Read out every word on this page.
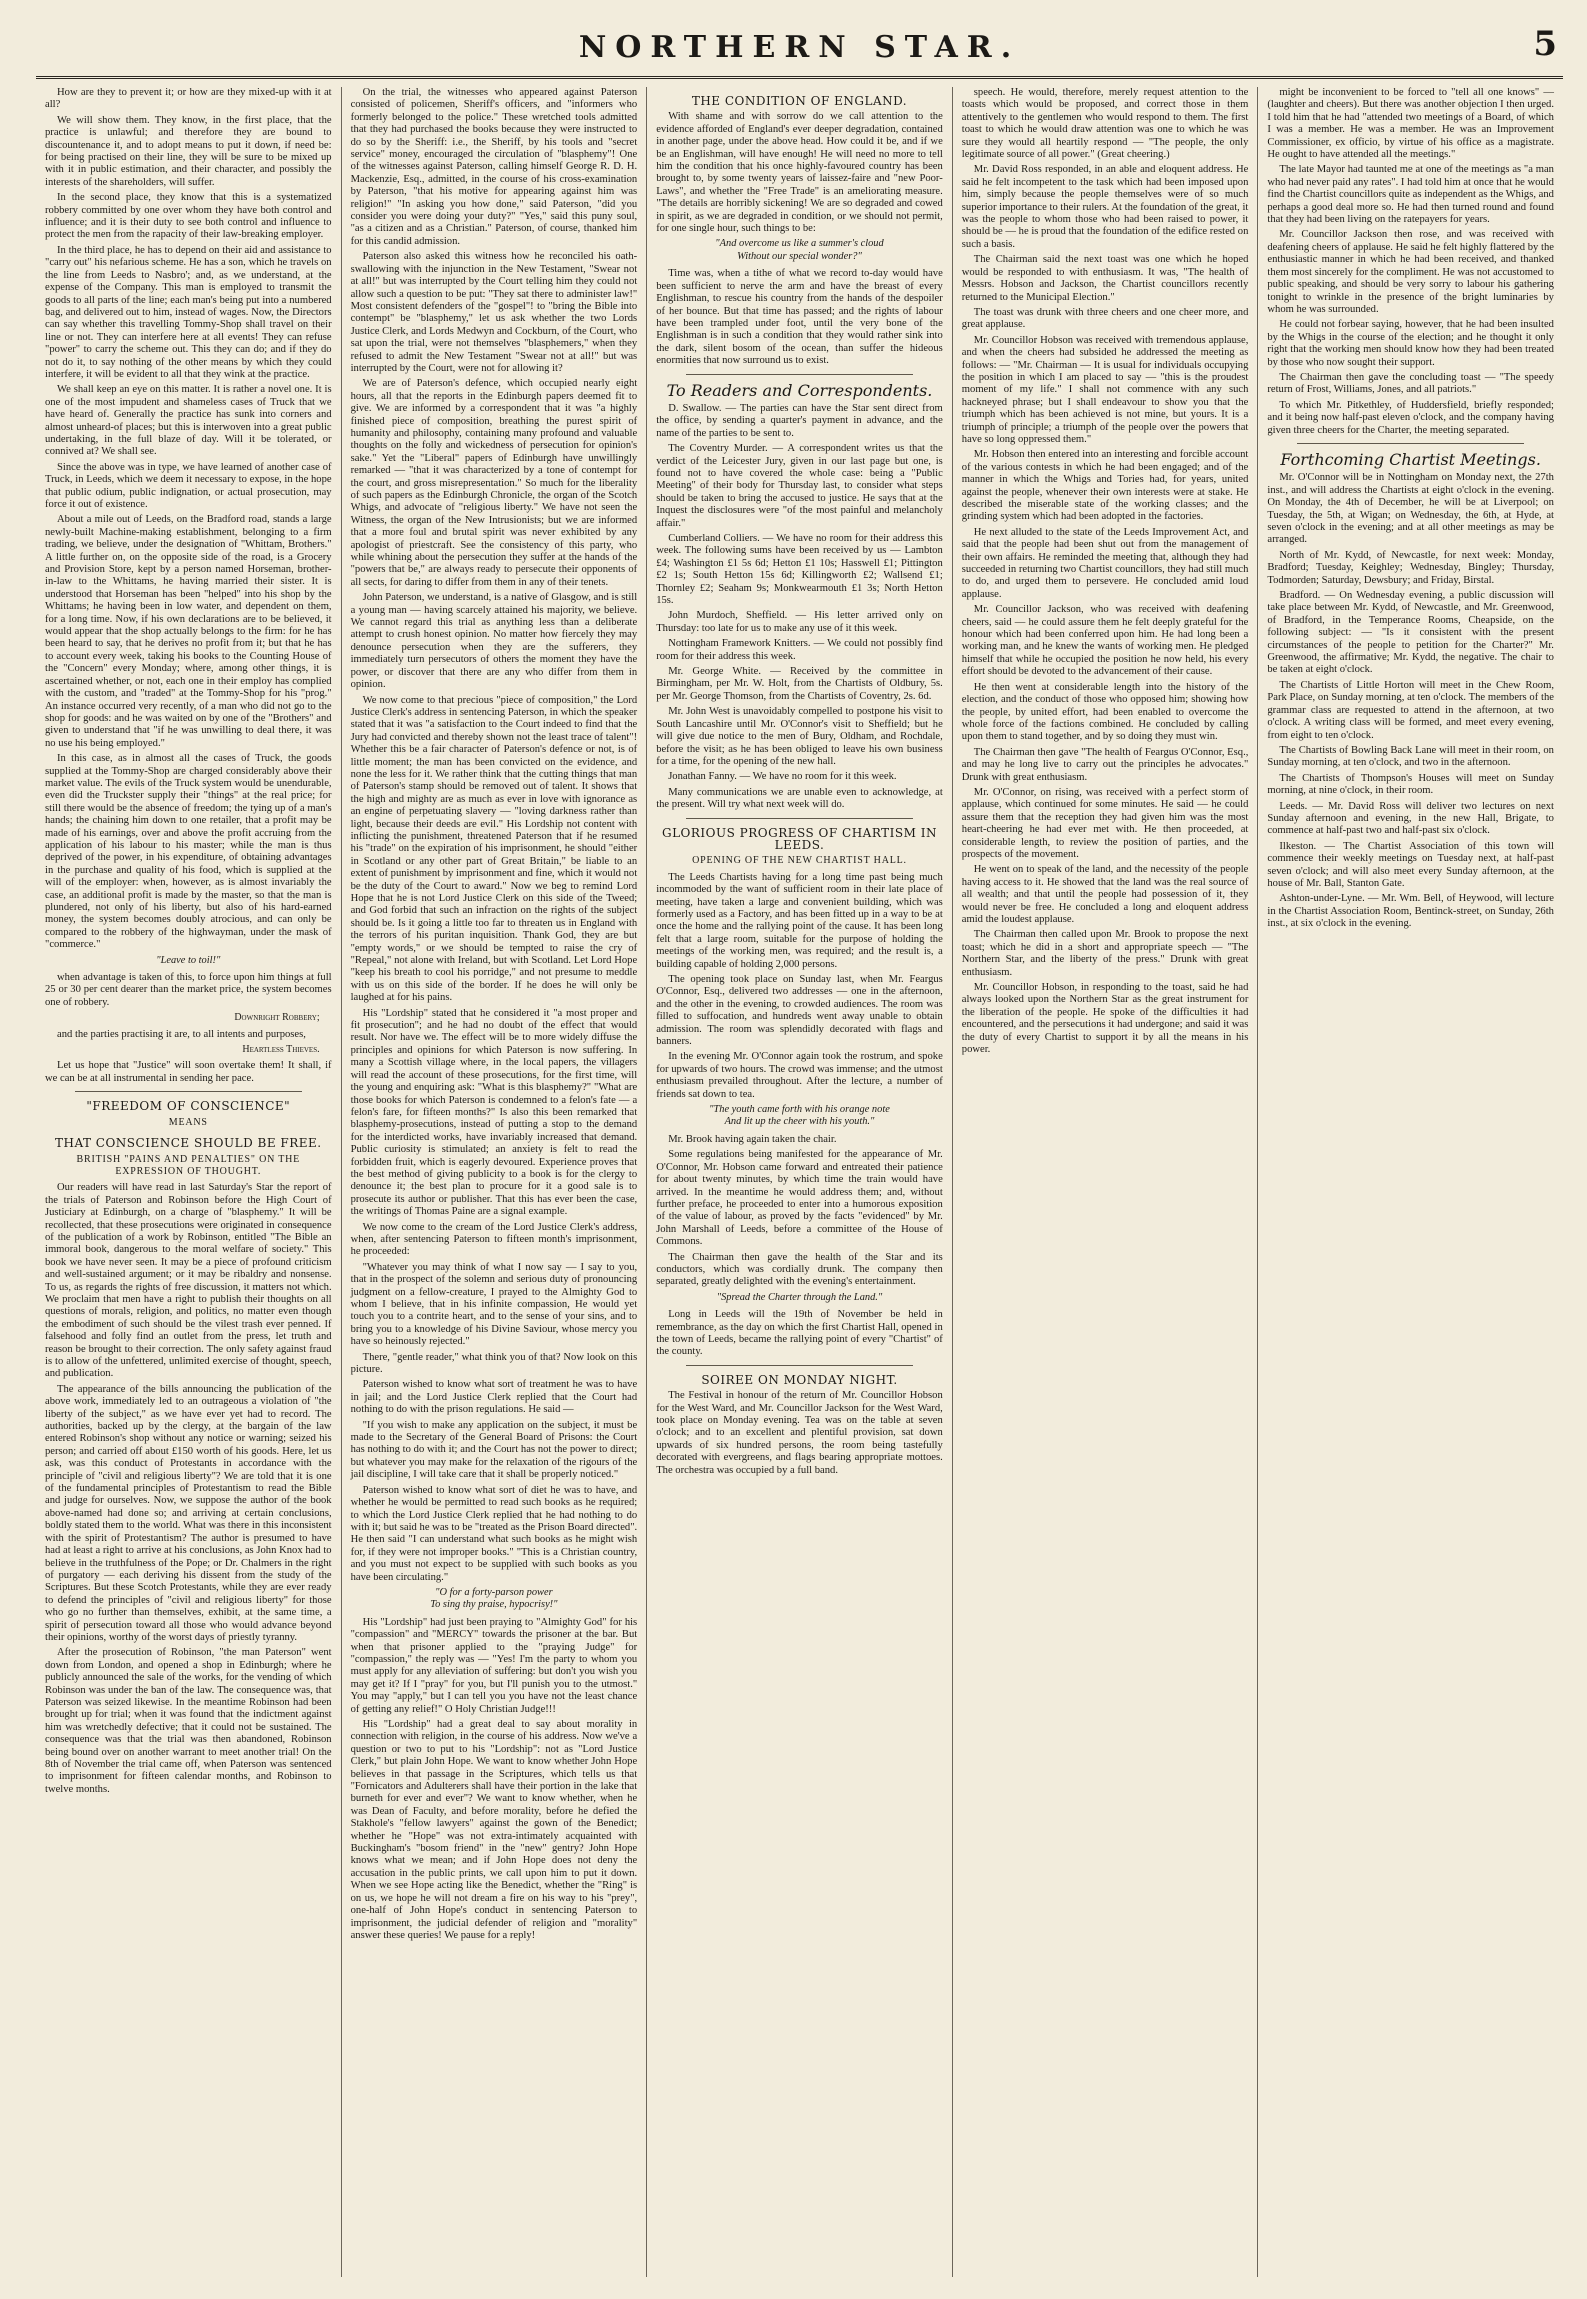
NORTHERN STAR.	5

How are they to prevent it; or how are they mixed-up with it at all?

We will show them. They know, in the first place, that the practice is unlawful; and therefore they are bound to discountenance it, and to adopt means to put it down, if need be: for being practised on their line, they will be sure to be mixed up with it in public estimation, and their character, and possibly the interests of the shareholders, will suffer.

In the second place, they know that this is a systematized robbery committed by one over whom they have both control and influence; and it is their duty to see both control and influence to protect the men from the rapacity of their law-breaking employer.

In the third place, he has to depend on their aid and assistance to "carry out" his nefarious scheme. He has a son, which he travels on the line from Leeds to Nasbro'; and, as we understand, at the expense of the Company. This man is employed to transmit the goods to all parts of the line; each man's being put into a numbered bag, and delivered out to him, instead of wages. Now, the Directors can say whether this travelling Tommy-Shop shall travel on their line or not. They can interfere here at all events! They can refuse "power" to carry the scheme out. This they can do; and if they do not do it, to say nothing of the other means by which they could interfere, it will be evident to all that they wink at the practice.

We shall keep an eye on this matter. It is rather a novel one. It is one of the most impudent and shameless cases of Truck that we have heard of. Generally the practice has sunk into corners and almost unheard-of places; but this is interwoven into a great public undertaking, in the full blaze of day. Will it be tolerated, or connived at? We shall see.

Since the above was in type, we have learned of another case of Truck, in Leeds, which we deem it necessary to expose, in the hope that public odium, public indignation, or actual prosecution, may force it out of existence.

About a mile out of Leeds, on the Bradford road, stands a large newly-built Machine-making establishment, belonging to a firm trading, we believe, under the designation of "Whittam, Brothers." A little further on, on the opposite side of the road, is a Grocery and Provision Store, kept by a person named Horseman, brother-in-law to the Whittams, he having married their sister. It is understood that Horseman has been "helped" into his shop by the Whittams; he having been in low water, and dependent on them, for a long time. Now, if his own declarations are to be believed, it would appear that the shop actually belongs to the firm: for he has been heard to say, that he derives no profit from it; but that he has to account every week, taking his books to the Counting House of the "Concern" every Monday; where, among other things, it is ascertained whether, or not, each one in their employ has complied with the custom, and "traded" at the Tommy-Shop for his "prog." An instance occurred very recently, of a man who did not go to the shop for goods: and he was waited on by one of the "Brothers" and given to understand that "if he was unwilling to deal there, it was no use his being employed."

In this case, as in almost all the cases of Truck, the goods supplied at the Tommy-Shop are charged considerably above their market value. The evils of the Truck system would be unendurable, even did the Truckster supply their "things" at the real price; for still there would be the absence of freedom; the tying up of a man's hands; the chaining him down to one retailer, that a profit may be made of his earnings, over and above the profit accruing from the application of his labour to his master; while the man is thus deprived of the power, in his expenditure, of obtaining advantages in the purchase and quality of his food, which is supplied at the will of the employer: when, however, as is almost invariably the case, an additional profit is made by the master, so that the man is plundered, not only of his liberty, but also of his hard-earned money, the system becomes doubly atrocious, and can only be compared to the robbery of the highwayman, under the mask of "commerce."

"Leave to toil!"

when advantage is taken of this, to force upon him things at full 25 or 30 per cent dearer than the market price, the system becomes one of robbery.

Downright Robbery;

and the parties practising it are, to all intents and purposes,

Heartless Thieves.

Let us hope that "Justice" will soon overtake them! It shall, if we can be at all instrumental in sending her pace.

"FREEDOM OF CONSCIENCE"
MEANS
THAT CONSCIENCE SHOULD BE FREE.
BRITISH "PAINS AND PENALTIES" ON THE EXPRESSION OF THOUGHT.

Our readers will have read in last Saturday's Star the report of the trials of Paterson and Robinson before the High Court of Justiciary at Edinburgh, on a charge of "blasphemy." It will be recollected, that these prosecutions were originated in consequence of the publication of a work by Robinson, entitled "The Bible an immoral book, dangerous to the moral welfare of society." This book we have never seen. It may be a piece of profound criticism and well-sustained argument; or it may be ribaldry and nonsense. To us, as regards the rights of free discussion, it matters not which. We proclaim that men have a right to publish their thoughts on all questions of morals, religion, and politics, no matter even though the embodiment of such should be the vilest trash ever penned. If falsehood and folly find an outlet from the press, let truth and reason be brought to their correction. The only safety against fraud is to allow of the unfettered, unlimited exercise of thought, speech, and publication.

The appearance of the bills announcing the publication of the above work, immediately led to an outrageous a violation of "the liberty of the subject," as we have ever yet had to record. The authorities, backed up by the clergy, at the bargain of the law entered Robinson's shop without any notice or warning; seized his person; and carried off about £150 worth of his goods. Here, let us ask, was this conduct of Protestants in accordance with the principle of "civil and religious liberty"? We are told that it is one of the fundamental principles of Protestantism to read the Bible and judge for ourselves. Now, we suppose the author of the book above-named had done so; and arriving at certain conclusions, boldly stated them to the world. What was there in this inconsistent with the spirit of Protestantism? The author is presumed to have had at least a right to arrive at his conclusions, as John Knox had to believe in the truthfulness of the Pope; or Dr. Chalmers in the right of purgatory — each deriving his dissent from the study of the Scriptures. But these Scotch Protestants, while they are ever ready to defend the principles of "civil and religious liberty" for those who go no further than themselves, exhibit, at the same time, a spirit of persecution toward all those who would advance beyond their opinions, worthy of the worst days of priestly tyranny.

After the prosecution of Robinson, "the man Paterson" went down from London, and opened a shop in Edinburgh; where he publicly announced the sale of the works, for the vending of which Robinson was under the ban of the law. The consequence was, that Paterson was seized likewise. In the meantime Robinson had been brought up for trial; when it was found that the indictment against him was wretchedly defective; that it could not be sustained. The consequence was that the trial was then abandoned, Robinson being bound over on another warrant to meet another trial! On the 8th of November the trial came off, when Paterson was sentenced to imprisonment for fifteen calendar months, and Robinson to twelve months.

On the trial, the witnesses who appeared against Paterson consisted of policemen, Sheriff's officers, and "informers who formerly belonged to the police." These wretched tools admitted that they had purchased the books because they were instructed to do so by the Sheriff: i.e., the Sheriff, by his tools and "secret service" money, encouraged the circulation of "blasphemy"! One of the witnesses against Paterson, calling himself George R. D. H. Mackenzie, Esq., admitted, in the course of his cross-examination by Paterson, "that his motive for appearing against him was religion!" "In asking you how done," said Paterson, "did you consider you were doing your duty?" "Yes," said this puny soul, "as a citizen and as a Christian." Paterson, of course, thanked him for this candid admission.

Paterson also asked this witness how he reconciled his oath-swallowing with the injunction in the New Testament, "Swear not at all!" but was interrupted by the Court telling him they could not allow such a question to be put: "They sat there to administer law!" Most consistent defenders of the "gospel"! to "bring the Bible into contempt" be "blasphemy," let us ask whether the two Lords Justice Clerk, and Lords Medwyn and Cockburn, of the Court, who sat upon the trial, were not themselves "blasphemers," when they refused to admit the New Testament "Swear not at all!" but was interrupted by the Court, were not for allowing it?

We are of Paterson's defence, which occupied nearly eight hours, all that the reports in the Edinburgh papers deemed fit to give. We are informed by a correspondent that it was "a highly finished piece of composition, breathing the purest spirit of humanity and philosophy, containing many profound and valuable thoughts on the folly and wickedness of persecution for opinion's sake." Yet the "Liberal" papers of Edinburgh have unwillingly remarked — "that it was characterized by a tone of contempt for the court, and gross misrepresentation." So much for the liberality of such papers as the Edinburgh Chronicle, the organ of the Scotch Whigs, and advocate of "religious liberty." We have not seen the Witness, the organ of the New Intrusionists; but we are informed that a more foul and brutal spirit was never exhibited by any apologist of priestcraft. See the consistency of this party, who while whining about the persecution they suffer at the hands of the "powers that be," are always ready to persecute their opponents of all sects, for daring to differ from them in any of their tenets.

John Paterson, we understand, is a native of Glasgow, and is still a young man — having scarcely attained his majority, we believe. We cannot regard this trial as anything less than a deliberate attempt to crush honest opinion. No matter how fiercely they may denounce persecution when they are the sufferers, they immediately turn persecutors of others the moment they have the power, or discover that there are any who differ from them in opinion.

We now come to that precious "piece of composition," the Lord Justice Clerk's address in sentencing Paterson, in which the speaker stated that it was "a satisfaction to the Court indeed to find that the Jury had convicted and thereby shown not the least trace of talent"! Whether this be a fair character of Paterson's defence or not, is of little moment; the man has been convicted on the evidence, and none the less for it. We rather think that the cutting things that man of Paterson's stamp should be removed out of talent. It shows that the high and mighty are as much as ever in love with ignorance as an engine of perpetuating slavery — "loving darkness rather than light, because their deeds are evil." His Lordship not content with inflicting the punishment, threatened Paterson that if he resumed his "trade" on the expiration of his imprisonment, he should "either in Scotland or any other part of Great Britain," be liable to an extent of punishment by imprisonment and fine, which it would not be the duty of the Court to award." Now we beg to remind Lord Hope that he is not Lord Justice Clerk on this side of the Tweed; and God forbid that such an infraction on the rights of the subject should be. Is it going a little too far to threaten us in England with the terrors of his puritan inquisition. Thank God, they are but "empty words," or we should be tempted to raise the cry of "Repeal," not alone with Ireland, but with Scotland. Let Lord Hope "keep his breath to cool his porridge," and not presume to meddle with us on this side of the border. If he does he will only be laughed at for his pains.

His "Lordship" stated that he considered it "a most proper and fit prosecution"; and he had no doubt of the effect that would result. Nor have we. The effect will be to more widely diffuse the principles and opinions for which Paterson is now suffering. In many a Scottish village where, in the local papers, the villagers will read the account of these prosecutions, for the first time, will the young and enquiring ask: "What is this blasphemy?" "What are those books for which Paterson is condemned to a felon's fate — a felon's fare, for fifteen months?" Is also this been remarked that blasphemy-prosecutions, instead of putting a stop to the demand for the interdicted works, have invariably increased that demand. Public curiosity is stimulated; an anxiety is felt to read the forbidden fruit, which is eagerly devoured. Experience proves that the best method of giving publicity to a book is for the clergy to denounce it; the best plan to procure for it a good sale is to prosecute its author or publisher. That this has ever been the case, the writings of Thomas Paine are a signal example.

We now come to the cream of the Lord Justice Clerk's address, when, after sentencing Paterson to fifteen month's imprisonment, he proceeded:

"Whatever you may think of what I now say — I say to you, that in the prospect of the solemn and serious duty of pronouncing judgment on a fellow-creature, I prayed to the Almighty God to whom I believe, that in his infinite compassion, He would yet touch you to a contrite heart, and to the sense of your sins, and to bring you to a knowledge of his Divine Saviour, whose mercy you have so heinously rejected."

There, "gentle reader," what think you of that? Now look on this picture.

Paterson wished to know what sort of treatment he was to have in jail; and the Lord Justice Clerk replied that the Court had nothing to do with the prison regulations. He said —

"If you wish to make any application on the subject, it must be made to the Secretary of the General Board of Prisons: the Court has nothing to do with it; and the Court has not the power to direct; but whatever you may make for the relaxation of the rigours of the jail discipline, I will take care that it shall be properly noticed."

Paterson wished to know what sort of diet he was to have, and whether he would be permitted to read such books as he required; to which the Lord Justice Clerk replied that he had nothing to do with it; but said he was to be "treated as the Prison Board directed". He then said "I can understand what such books as he might wish for, if they were not improper books." "This is a Christian country, and you must not expect to be supplied with such books as you have been circulating."

"O for a forty-parson power
To sing thy praise, hypocrisy!"

His "Lordship" had just been praying to "Almighty God" for his "compassion" and "MERCY" towards the prisoner at the bar. But when that prisoner applied to the "praying Judge" for "compassion," the reply was — "Yes! I'm the party to whom you must apply for any alleviation of suffering: but don't you wish you may get it? If I "pray" for you, but I'll punish you to the utmost." You may "apply," but I can tell you you have not the least chance of getting any relief!" O Holy Christian Judge!!!

His "Lordship" had a great deal to say about morality in connection with religion, in the course of his address. Now we've a question or two to put to his "Lordship": not as "Lord Justice Clerk," but plain John Hope. We want to know whether John Hope believes in that passage in the Scriptures, which tells us that "Fornicators and Adulterers shall have their portion in the lake that burneth for ever and ever"? We want to know whether, when he was Dean of Faculty, and before morality, before he defied the Stakhole's "fellow lawyers" against the gown of the Benedict; whether he "Hope" was not extra-intimately acquainted with Buckingham's "bosom friend" in the "new" gentry? John Hope knows what we mean; and if John Hope does not deny the accusation in the public prints, we call upon him to put it down. When we see Hope acting like the Benedict, whether the "Ring" is on us, we hope he will not dream a fire on his way to his "prey", one-half of John Hope's conduct in sentencing Paterson to imprisonment, the judicial defender of religion and "morality" answer these queries! We pause for a reply!

THE CONDITION OF ENGLAND.

With shame and with sorrow do we call attention to the evidence afforded of England's ever deeper degradation, contained in another page, under the above head. How could it be, and if we be an Englishman, will have enough! He will need no more to tell him the condition that his once highly-favoured country has been brought to, by some twenty years of laissez-faire and "new Poor-Laws", and whether the "Free Trade" is an ameliorating measure. "The details are horribly sickening! We are so degraded and cowed in spirit, as we are degraded in condition, or we should not permit, for one single hour, such things to be:

"And overcome us like a summer's cloud
Without our special wonder?"

Time was, when a tithe of what we record to-day would have been sufficient to nerve the arm and have the breast of every Englishman, to rescue his country from the hands of the despoiler of her bounce. But that time has passed; and the rights of labour have been trampled under foot, until the very bone of the Englishman is in such a condition that they would rather sink into the dark, silent bosom of the ocean, than suffer the hideous enormities that now surround us to exist.

To Readers and Correspondents.

D. Swallow. — The parties can have the Star sent direct from the office, by sending a quarter's payment in advance, and the name of the parties to be sent to.

The Coventry Murder. — A correspondent writes us that the verdict of the Leicester Jury, given in our last page but one, is found not to have covered the whole case: being a "Public Meeting" of their body for Thursday last, to consider what steps should be taken to bring the accused to justice. He says that at the Inquest the disclosures were "of the most painful and melancholy affair."

Cumberland Colliers. — We have no room for their address this week. The following sums have been received by us — Lambton £4; Washington £1 5s 6d; Hetton £1 10s; Hasswell £1; Pittington £2 1s; South Hetton 15s 6d; Killingworth £2; Wallsend £1; Thornley £2; Seaham 9s; Monkwearmouth £1 3s; North Hetton 15s.

John Murdoch, Sheffield. — His letter arrived only on Thursday: too late for us to make any use of it this week.

Nottingham Framework Knitters. — We could not possibly find room for their address this week.

Mr. George White. — Received by the committee in Birmingham, per Mr. W. Holt, from the Chartists of Oldbury, 5s. per Mr. George Thomson, from the Chartists of Coventry, 2s. 6d.

Mr. John West is unavoidably compelled to postpone his visit to South Lancashire until Mr. O'Connor's visit to Sheffield; but he will give due notice to the men of Bury, Oldham, and Rochdale, before the visit; as he has been obliged to leave his own business for a time, for the opening of the new hall.

Jonathan Fanny. — We have no room for it this week.

Many communications we are unable even to acknowledge, at the present. Will try what next week will do.

GLORIOUS PROGRESS OF CHARTISM IN LEEDS.
OPENING OF THE NEW CHARTIST HALL.

The Leeds Chartists having for a long time past being much incommoded by the want of sufficient room in their late place of meeting, have taken a large and convenient building, which was formerly used as a Factory, and has been fitted up in a way to be at once the home and the rallying point of the cause. It has been long felt that a large room, suitable for the purpose of holding the meetings of the working men, was required; and the result is, a building capable of holding 2,000 persons.

The opening took place on Sunday last, when Mr. Feargus O'Connor, Esq., delivered two addresses — one in the afternoon, and the other in the evening, to crowded audiences. The room was filled to suffocation, and hundreds went away unable to obtain admission. The room was splendidly decorated with flags and banners.

In the evening Mr. O'Connor again took the rostrum, and spoke for upwards of two hours. The crowd was immense; and the utmost enthusiasm prevailed throughout. After the lecture, a number of friends sat down to tea.

"The youth came forth with his orange note
And lit up the cheer with his youth."

Mr. Brook having again taken the chair.

Some regulations being manifested for the appearance of Mr. O'Connor, Mr. Hobson came forward and entreated their patience for about twenty minutes, by which time the train would have arrived. In the meantime he would address them; and, without further preface, he proceeded to enter into a humorous exposition of the value of labour, as proved by the facts "evidenced" by Mr. John Marshall of Leeds, before a committee of the House of Commons.

The Chairman then gave the health of the Star and its conductors, which was cordially drunk. The company then separated, greatly delighted with the evening's entertainment.

"Spread the Charter through the Land."

Long in Leeds will the 19th of November be held in remembrance, as the day on which the first Chartist Hall, opened in the town of Leeds, became the rallying point of every "Chartist" of the county.

SOIREE ON MONDAY NIGHT.

The Festival in honour of the return of Mr. Councillor Hobson for the West Ward, and Mr. Councillor Jackson for the West Ward, took place on Monday evening. Tea was on the table at seven o'clock; and to an excellent and plentiful provision, sat down upwards of six hundred persons, the room being tastefully decorated with evergreens, and flags bearing appropriate mottoes. The orchestra was occupied by a full band.

speech. He would, therefore, merely request attention to the toasts which would be proposed, and correct those in them attentively to the gentlemen who would respond to them. The first toast to which he would draw attention was one to which he was sure they would all heartily respond — "The people, the only legitimate source of all power." (Great cheering.)

Mr. David Ross responded, in an able and eloquent address. He said he felt incompetent to the task which had been imposed upon him, simply because the people themselves were of so much superior importance to their rulers. At the foundation of the great, it was the people to whom those who had been raised to power, it should be — he is proud that the foundation of the edifice rested on such a basis.

The Chairman said the next toast was one which he hoped would be responded to with enthusiasm. It was, "The health of Messrs. Hobson and Jackson, the Chartist councillors recently returned to the Municipal Election."

The toast was drunk with three cheers and one cheer more, and great applause.

Mr. Councillor Hobson was received with tremendous applause, and when the cheers had subsided he addressed the meeting as follows: — "Mr. Chairman — It is usual for individuals occupying the position in which I am placed to say — "this is the proudest moment of my life." I shall not commence with any such hackneyed phrase; but I shall endeavour to show you that the triumph which has been achieved is not mine, but yours. It is a triumph of principle; a triumph of the people over the powers that have so long oppressed them."

Mr. Hobson then entered into an interesting and forcible account of the various contests in which he had been engaged; and of the manner in which the Whigs and Tories had, for years, united against the people, whenever their own interests were at stake. He described the miserable state of the working classes; and the grinding system which had been adopted in the factories.

He next alluded to the state of the Leeds Improvement Act, and said that the people had been shut out from the management of their own affairs. He reminded the meeting that, although they had succeeded in returning two Chartist councillors, they had still much to do, and urged them to persevere. He concluded amid loud applause.

Mr. Councillor Jackson, who was received with deafening cheers, said — he could assure them he felt deeply grateful for the honour which had been conferred upon him. He had long been a working man, and he knew the wants of working men. He pledged himself that while he occupied the position he now held, his every effort should be devoted to the advancement of their cause.

He then went at considerable length into the history of the election, and the conduct of those who opposed him; showing how the people, by united effort, had been enabled to overcome the whole force of the factions combined. He concluded by calling upon them to stand together, and by so doing they must win.

The Chairman then gave "The health of Feargus O'Connor, Esq., and may he long live to carry out the principles he advocates." Drunk with great enthusiasm.

Mr. O'Connor, on rising, was received with a perfect storm of applause, which continued for some minutes. He said — he could assure them that the reception they had given him was the most heart-cheering he had ever met with. He then proceeded, at considerable length, to review the position of parties, and the prospects of the movement.

He went on to speak of the land, and the necessity of the people having access to it. He showed that the land was the real source of all wealth; and that until the people had possession of it, they would never be free. He concluded a long and eloquent address amid the loudest applause.

The Chairman then called upon Mr. Brook to propose the next toast; which he did in a short and appropriate speech — "The Northern Star, and the liberty of the press." Drunk with great enthusiasm.

Mr. Councillor Hobson, in responding to the toast, said he had always looked upon the Northern Star as the great instrument for the liberation of the people. He spoke of the difficulties it had encountered, and the persecutions it had undergone; and said it was the duty of every Chartist to support it by all the means in his power.

might be inconvenient to be forced to "tell all one knows" — (laughter and cheers). But there was another objection I then urged. I told him that he had "attended two meetings of a Board, of which I was a member. He was a member. He was an Improvement Commissioner, ex officio, by virtue of his office as a magistrate. He ought to have attended all the meetings."

The late Mayor had taunted me at one of the meetings as "a man who had never paid any rates". I had told him at once that he would find the Chartist councillors quite as independent as the Whigs, and perhaps a good deal more so. He had then turned round and found that they had been living on the ratepayers for years.

Mr. Councillor Jackson then rose, and was received with deafening cheers of applause. He said he felt highly flattered by the enthusiastic manner in which he had been received, and thanked them most sincerely for the compliment. He was not accustomed to public speaking, and should be very sorry to labour his gathering tonight to wrinkle in the presence of the bright luminaries by whom he was surrounded.

He could not forbear saying, however, that he had been insulted by the Whigs in the course of the election; and he thought it only right that the working men should know how they had been treated by those who now sought their support.

The Chairman then gave the concluding toast — "The speedy return of Frost, Williams, Jones, and all patriots."

To which Mr. Pitkethley, of Huddersfield, briefly responded; and it being now half-past eleven o'clock, and the company having given three cheers for the Charter, the meeting separated.

Forthcoming Chartist Meetings.

Mr. O'Connor will be in Nottingham on Monday next, the 27th inst., and will address the Chartists at eight o'clock in the evening. On Monday, the 4th of December, he will be at Liverpool; on Tuesday, the 5th, at Wigan; on Wednesday, the 6th, at Hyde, at seven o'clock in the evening; and at all other meetings as may be arranged.

North of Mr. Kydd, of Newcastle, for next week: Monday, Bradford; Tuesday, Keighley; Wednesday, Bingley; Thursday, Todmorden; Saturday, Dewsbury; and Friday, Birstal.

Bradford. — On Wednesday evening, a public discussion will take place between Mr. Kydd, of Newcastle, and Mr. Greenwood, of Bradford, in the Temperance Rooms, Cheapside, on the following subject: — "Is it consistent with the present circumstances of the people to petition for the Charter?" Mr. Greenwood, the affirmative; Mr. Kydd, the negative. The chair to be taken at eight o'clock.

The Chartists of Little Horton will meet in the Chew Room, Park Place, on Sunday morning, at ten o'clock. The members of the grammar class are requested to attend in the afternoon, at two o'clock. A writing class will be formed, and meet every evening, from eight to ten o'clock.

The Chartists of Bowling Back Lane will meet in their room, on Sunday morning, at ten o'clock, and two in the afternoon.

The Chartists of Thompson's Houses will meet on Sunday morning, at nine o'clock, in their room.

Leeds. — Mr. David Ross will deliver two lectures on next Sunday afternoon and evening, in the new Hall, Brigate, to commence at half-past two and half-past six o'clock.

Ilkeston. — The Chartist Association of this town will commence their weekly meetings on Tuesday next, at half-past seven o'clock; and will also meet every Sunday afternoon, at the house of Mr. Ball, Stanton Gate.

Ashton-under-Lyne. — Mr. Wm. Bell, of Heywood, will lecture in the Chartist Association Room, Bentinck-street, on Sunday, 26th inst., at six o'clock in the evening.
